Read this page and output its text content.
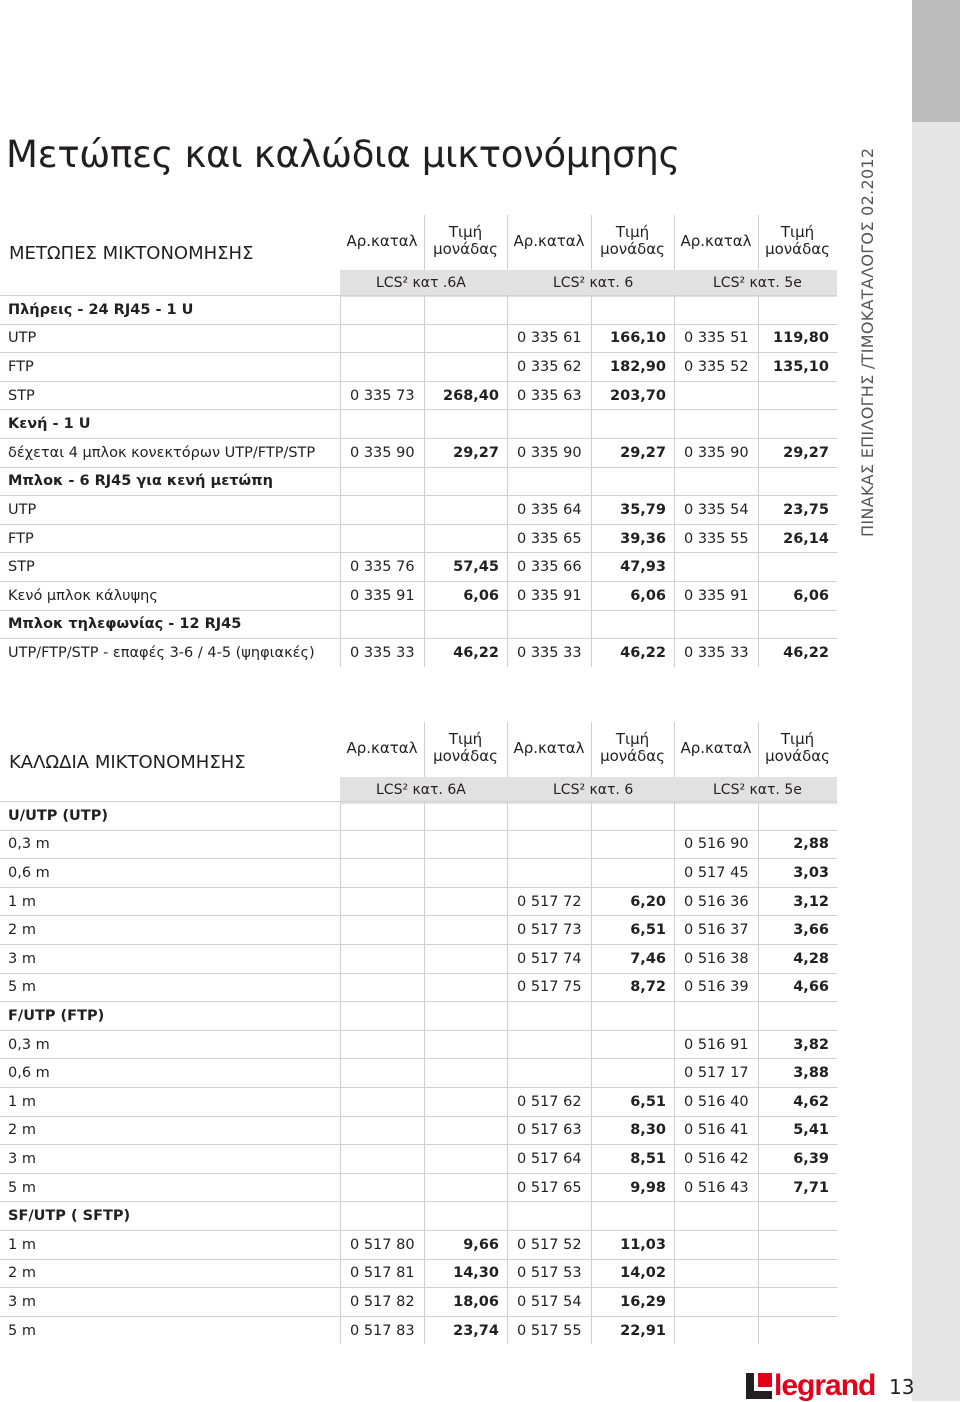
ΠΙΝΑΚΑΣ ΕΠΙΛΟΓΗΣ /ΤΙΜΟΚΑΤΑΛΟΓΟΣ 02.2012
Μετώπες και καλώδια μικτονόμησης
ΜΕΤΩΠΕΣ ΜΙΚΤΟΝΟΜΗΣΗΣ
Αρ.καταλ	Τιμή μονάδας	Αρ.καταλ	Τιμή μονάδας	Αρ.καταλ	Τιμή μονάδας
LCS² κατ .6A	LCS² κατ. 6	LCS² κατ. 5e
Πλήρεις - 24 RJ45 - 1 U						
UTP			0 335 61	166,10	0 335 51	119,80
FTP			0 335 62	182,90	0 335 52	135,10
STP	0 335 73	268,40	0 335 63	203,70		
Κενή - 1 U						
δέχεται 4 μπλοκ κονεκτόρων UTP/FTP/STP	0 335 90	29,27	0 335 90	29,27	0 335 90	29,27
Μπλοκ - 6 RJ45 για κενή μετώπη						
UTP			0 335 64	35,79	0 335 54	23,75
FTP			0 335 65	39,36	0 335 55	26,14
STP	0 335 76	57,45	0 335 66	47,93		
Κενό μπλοκ κάλυψης	0 335 91	6,06	0 335 91	6,06	0 335 91	6,06
Μπλοκ τηλεφωνίας - 12 RJ45						
UTP/FTP/STP - επαφές 3-6 / 4-5 (ψηφιακές)	0 335 33	46,22	0 335 33	46,22	0 335 33	46,22
ΚΑΛΩΔΙΑ ΜΙΚΤΟΝΟΜΗΣΗΣ
Αρ.καταλ	Τιμή μονάδας	Αρ.καταλ	Τιμή μονάδας	Αρ.καταλ	Τιμή μονάδας
LCS² κατ. 6A	LCS² κατ. 6	LCS² κατ. 5e
U/UTP (UTP)						
0,3 m					0 516 90	2,88
0,6 m					0 517 45	3,03
1 m			0 517 72	6,20	0 516 36	3,12
2 m			0 517 73	6,51	0 516 37	3,66
3 m			0 517 74	7,46	0 516 38	4,28
5 m			0 517 75	8,72	0 516 39	4,66
F/UTP (FTP)						
0,3 m					0 516 91	3,82
0,6 m					0 517 17	3,88
1 m			0 517 62	6,51	0 516 40	4,62
2 m			0 517 63	8,30	0 516 41	5,41
3 m			0 517 64	8,51	0 516 42	6,39
5 m			0 517 65	9,98	0 516 43	7,71
SF/UTP ( SFTP)						
1 m	0 517 80	9,66	0 517 52	11,03		
2 m	0 517 81	14,30	0 517 53	14,02		
3 m	0 517 82	18,06	0 517 54	16,29		
5 m	0 517 83	23,74	0 517 55	22,91		
legrand 13
